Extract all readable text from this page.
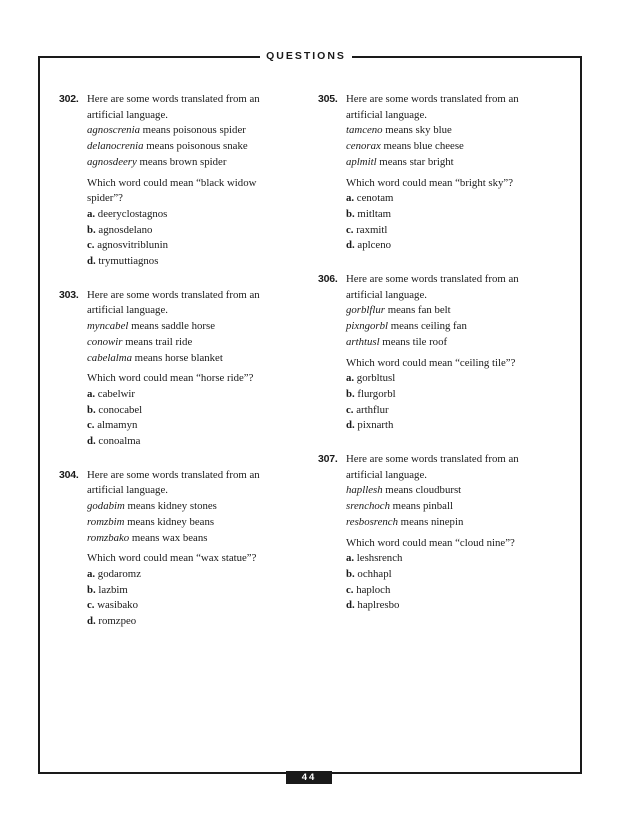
QUESTIONS
44
302. Here are some words translated from an
artificial language.
agnoscrenia means poisonous spider
delanocrenia means poisonous snake
agnosdeery means brown spider
Which word could mean “black widow
spider”?
a. deeryclostagnos
b. agnosdelano
c. agnosvitriblunin
d. trymuttiagnos
303. Here are some words translated from an
artificial language.
myncabel means saddle horse
conowir means trail ride
cabelalma means horse blanket
Which word could mean “horse ride”?
a. cabelwir
b. conocabel
c. almamyn
d. conoalma
304. Here are some words translated from an
artificial language.
godabim means kidney stones
romzbim means kidney beans
romzbako means wax beans
Which word could mean “wax statue”?
a. godaromz
b. lazbim
c. wasibako
d. romzpeo
305. Here are some words translated from an
artificial language.
tamceno means sky blue
cenorax means blue cheese
aplmitl means star bright
Which word could mean “bright sky”?
a. cenotam
b. mitltam
c. raxmitl
d. aplceno
306. Here are some words translated from an
artificial language.
gorblflur means fan belt
pixngorbl means ceiling fan
arthtusl means tile roof
Which word could mean “ceiling tile”?
a. gorbltusl
b. flurgorbl
c. arthflur
d. pixnarth
307. Here are some words translated from an
artificial language.
hapllesh means cloudburst
srenchoch means pinball
resbosrench means ninepin
Which word could mean “cloud nine”?
a. leshsrench
b. ochhapl
c. haploch
d. haplresbo
